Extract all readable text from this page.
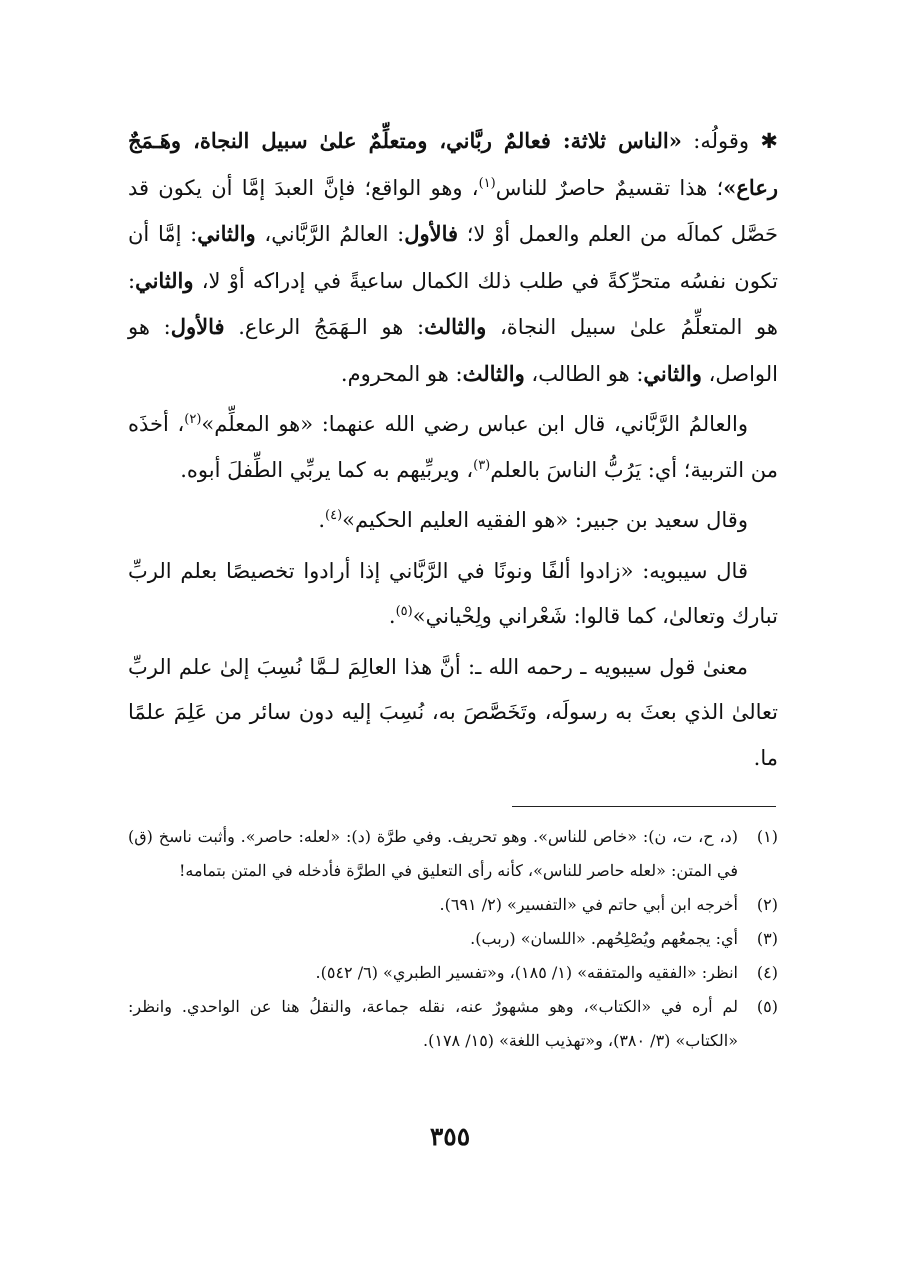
✱ وقولُه: «الناس ثلاثة: فعالمٌ ربَّاني، ومتعلِّمٌ علىٰ سبيل النجاة، وهَـمَجٌ رعاع»؛ هذا تقسيمٌ حاصرٌ للناس$^{(١)}$، وهو الواقع؛ فإنَّ العبدَ إمَّا أن يكون قد حَصَّل كمالَه من العلم والعمل أوْ لا؛ فالأول: العالمُ الرَّبَّاني، والثاني: إمَّا أن تكون نفسُه متحرِّكةً في طلب ذلك الكمال ساعيةً في إدراكه أوْ لا، والثاني: هو المتعلِّمُ علىٰ سبيل النجاة، والثالث: هو الـهَمَجُ الرعاع. فالأول: هو الواصل، والثاني: هو الطالب، والثالث: هو المحروم.

والعالمُ الرَّبَّاني، قال ابن عباس رضي الله عنهما: «هو المعلِّم»$^{(٢)}$، أخذَه من التربية؛ أي: يَرُبُّ الناسَ بالعلم$^{(٣)}$، ويربِّيهم به كما يربِّي الطِّفلَ أبوه.

وقال سعيد بن جبير: «هو الفقيه العليم الحكيم»$^{(٤)}$.

قال سيبويه: «زادوا ألفًا ونونًا في الرَّبَّاني إذا أرادوا تخصيصًا بعلم الربِّ تبارك وتعالىٰ، كما قالوا: شَعْراني ولِحْياني»$^{(٥)}$.

معنىٰ قول سيبويه ـ رحمه الله ـ: أنَّ هذا العالِمَ لـمَّا نُسِبَ إلىٰ علم الربِّ تعالىٰ الذي بعثَ به رسولَه، وتَخَصَّصَ به، نُسِبَ إليه دون سائر من عَلِمَ علمًا ما.

(١)
(د، ح، ت، ن): «خاص للناس». وهو تحريف. وفي طرَّة (د): «لعله: حاصر». وأثبت ناسخ (ق) في المتن: «لعله حاصر للناس»، كأنه رأى التعليق في الطرَّة فأدخله في المتن بتمامه!
(٢)
أخرجه ابن أبي حاتم في «التفسير» (٢/ ٦٩١).
(٣)
أي: يجمعُهم ويُصْلِحُهم. «اللسان» (ربب).
(٤)
انظر: «الفقيه والمتفقه» (١/ ١٨٥)، و«تفسير الطبري» (٦/ ٥٤٢).
(٥)
لم أره في «الكتاب»، وهو مشهورٌ عنه، نقله جماعة، والنقلُ هنا عن الواحدي. وانظر: «الكتاب» (٣/ ٣٨٠)، و«تهذيب اللغة» (١٥/ ١٧٨).
٣٥٥
